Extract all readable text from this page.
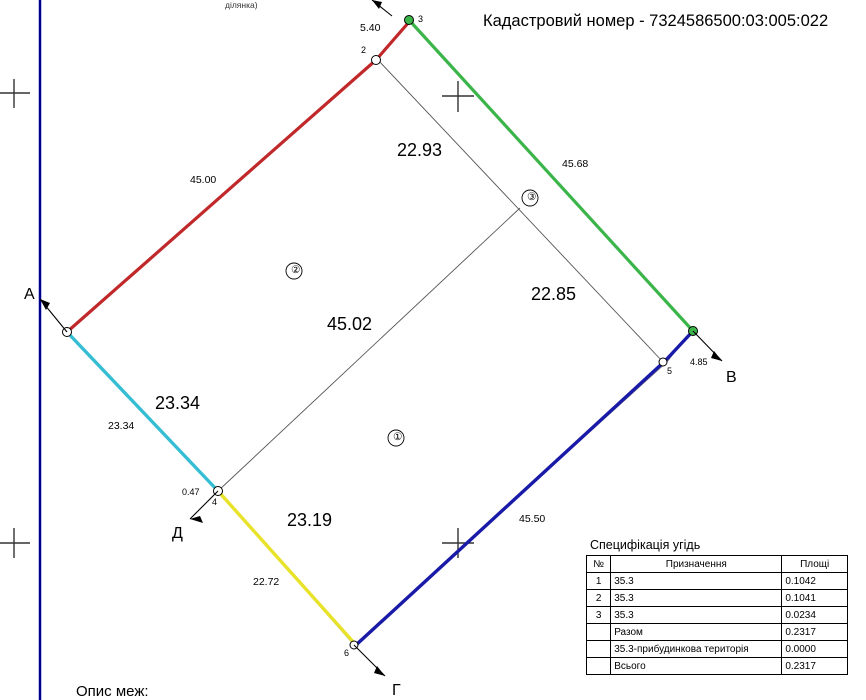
Кадастровий номер - 7324586500:03:005:022
ділянка)
А
В
Д
Г
3
2
5
4
6
②
①
③
5.40
45.00
45.68
22.93
22.85
45.02
4.85
23.34
23.34
0.47
23.19
22.72
45.50
Специфікація угідь
№	Призначення	Площі
1	35.3	0.1042
2	35.3	0.1041
3	35.3	0.0234
	Разом	0.2317
	35.3-прибудинкова територія	0.0000
	Всього	0.2317
Опис меж:
